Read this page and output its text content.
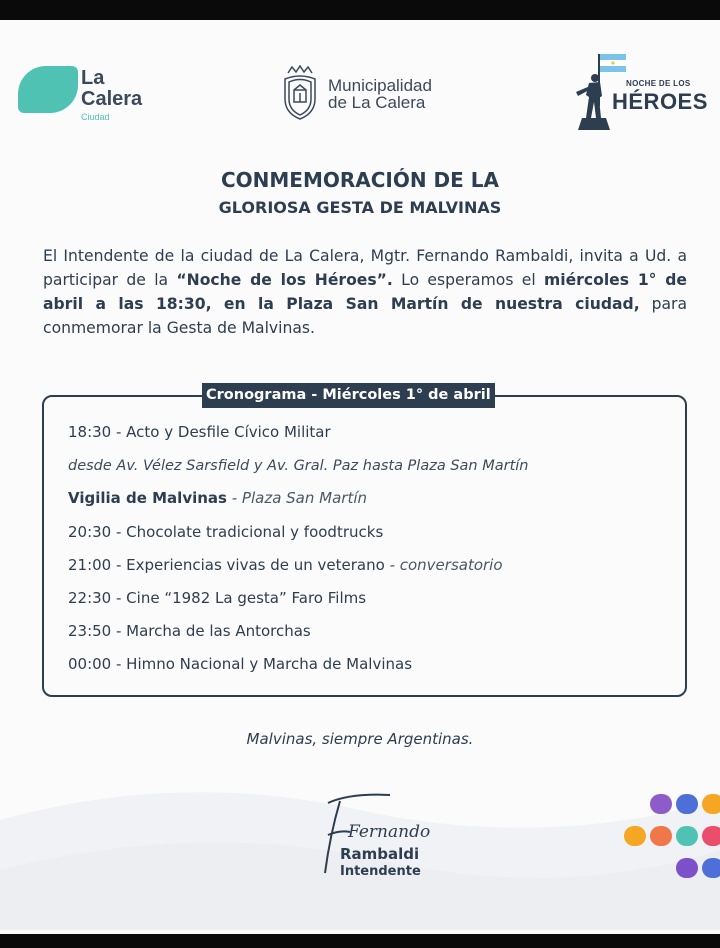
La Calera
Ciudad
Municipalidad
de La Calera
NOCHE DE LOS
HÉROES
CONMEMORACIÓN DE LA
GLORIOSA GESTA DE MALVINAS
El Intendente de la ciudad de La Calera, Mgtr. Fernando Rambaldi, invita a Ud. a participar de la “Noche de los Héroes”. Lo esperamos el miércoles 1° de abril a las 18:30, en la Plaza San Martín de nuestra ciudad, para conmemorar la Gesta de Malvinas.
Cronograma - Miércoles 1° de abril
18:30 - Acto y Desfile Cívico Militar
desde Av. Vélez Sarsfield y Av. Gral. Paz hasta Plaza San Martín
Vigilia de Malvinas - Plaza San Martín
20:30 - Chocolate tradicional y foodtrucks
21:00 - Experiencias vivas de un veterano - conversatorio
22:30 - Cine “1982 La gesta” Faro Films
23:50 - Marcha de las Antorchas
00:00 - Himno Nacional y Marcha de Malvinas
Malvinas, siempre Argentinas.
Fernando
Rambaldi
Intendente
